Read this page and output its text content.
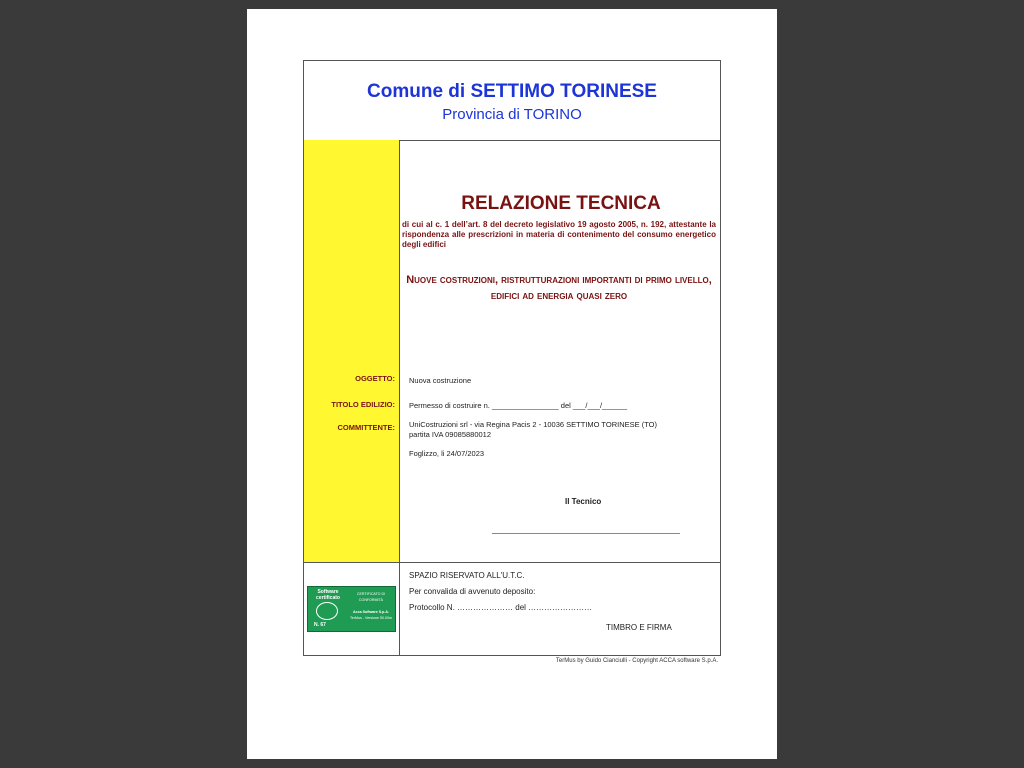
Comune di SETTIMO TORINESE
Provincia di TORINO
OGGETTO:
TITOLO EDILIZIO:
COMMITTENTE:
RELAZIONE TECNICA
di cui al c. 1 dell’art. 8 del decreto legislativo 19 agosto 2005, n. 192, attestante la rispondenza alle prescrizioni in materia di contenimento del consumo energetico degli edifici
Nuove costruzioni, ristrutturazioni importanti di primo livello, edifici ad energia quasi zero
Nuova costruzione
Permesso di costruire n. ________________ del ___/___/______
UniCostruzioni srl - via Regina Pacis 2 - 10036 SETTIMO TORINESE (TO)
partita IVA 09085880012
Foglizzo, li 24/07/2023
Il Tecnico
Software certificato
N. 67
CERTIFICATO DI CONFORMITÀ
Acca Software S.p.A.
TerMus - Versione 50.00m
SPAZIO RISERVATO ALL'U.T.C.
Per convalida di avvenuto deposito:
Protocollo N. ………………… del ……………………
TIMBRO E FIRMA
TerMus by Guido Cianciulli - Copyright ACCA software S.p.A.
